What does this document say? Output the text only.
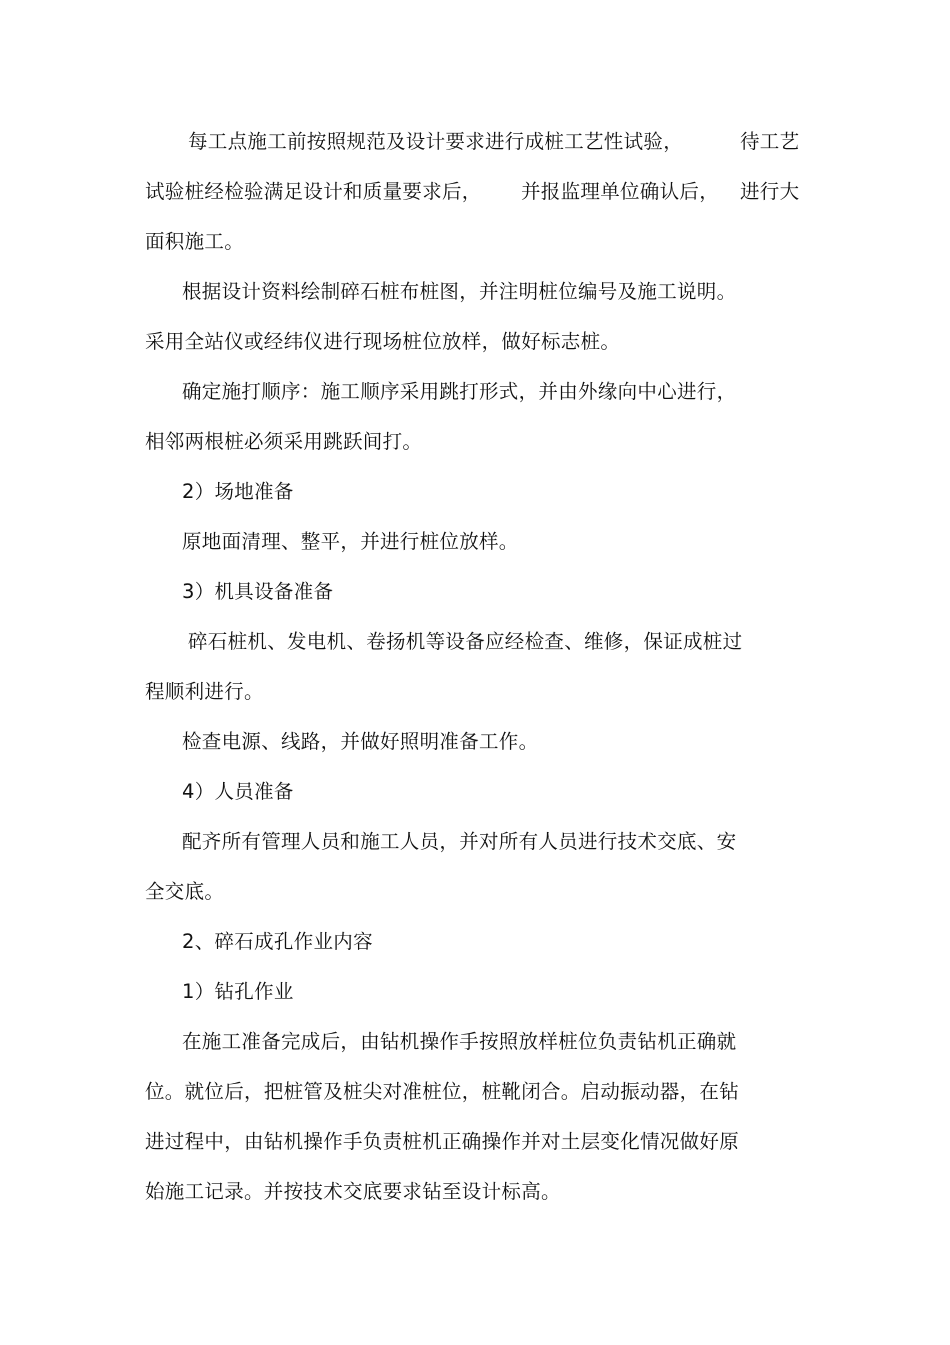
每工点施工前按照规范及设计要求进行成桩工艺性试验，	待工艺
试验桩经检验满足设计和质量要求后， 并报监理单位确认后， 进行大
面积施工。
根据设计资料绘制碎石桩布桩图，并注明桩位编号及施工说明。
采用全站仪或经纬仪进行现场桩位放样，做好标志桩。
确定施打顺序：施工顺序采用跳打形式，并由外缘向中心进行，
相邻两根桩必须采用跳跃间打。
2）场地准备
原地面清理、整平，并进行桩位放样。
3）机具设备准备
碎石桩机、发电机、卷扬机等设备应经检查、维修，保证成桩过
程顺利进行。
检查电源、线路，并做好照明准备工作。
4）人员准备
配齐所有管理人员和施工人员，并对所有人员进行技术交底、安
全交底。
2、碎石成孔作业内容
1）钻孔作业
在施工准备完成后，由钻机操作手按照放样桩位负责钻机正确就
位。就位后，把桩管及桩尖对准桩位，桩靴闭合。启动振动器，在钻
进过程中，由钻机操作手负责桩机正确操作并对土层变化情况做好原
始施工记录。并按技术交底要求钻至设计标高。
